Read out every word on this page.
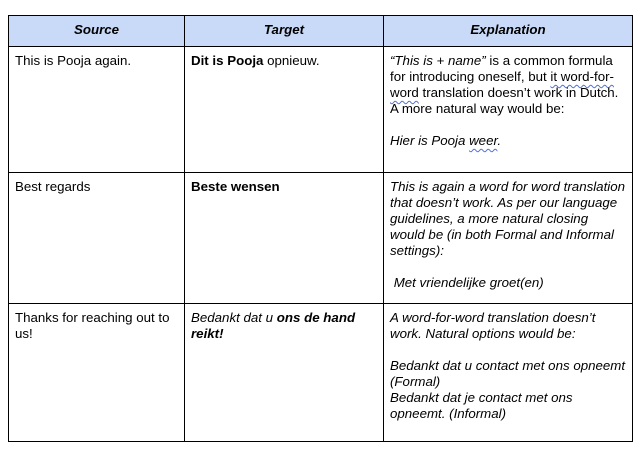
Source	Target	Explanation
This is Pooja again.	Dit is Pooja opnieuw.	“This is + name” is a common formula for introducing oneself, but it word-for-word translation doesn’t work in Dutch. A more natural way would be:
Hier is Pooja weer.

Best regards	Beste wensen	This is again a word for word translation that doesn’t work. As per our language guidelines, a more natural closing would be (in both Formal and Informal settings):
Met vriendelijke groet(en)

Thanks for reaching out to us!	Bedankt dat u ons de hand reikt!	A word-for-word translation doesn’t work. Natural options would be:
Bedankt dat u contact met ons opneemt (Formal)
Bedankt dat je contact met ons opneemt. (Informal)
